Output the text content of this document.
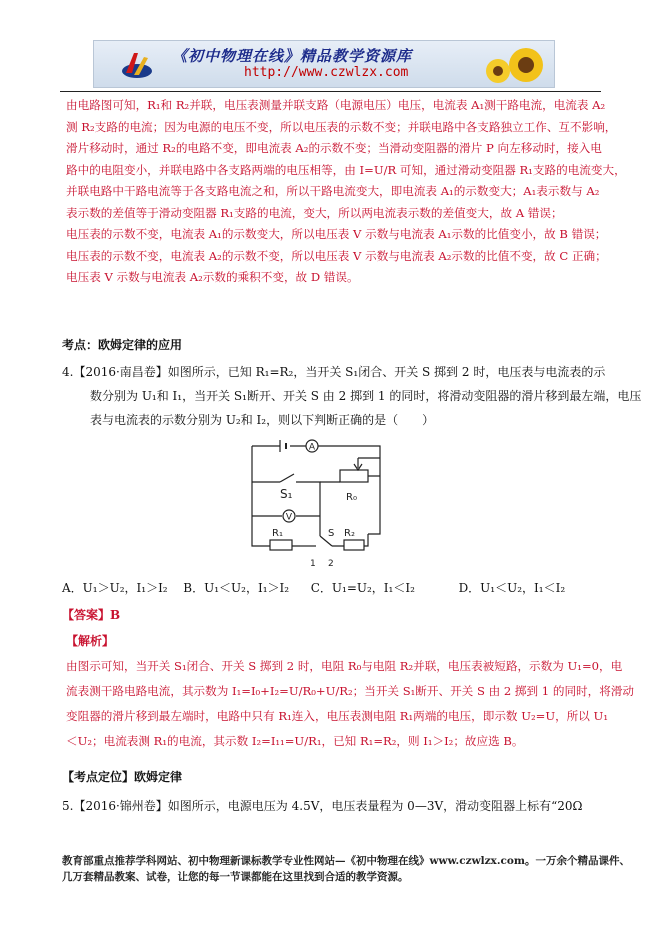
《初中物理在线》精品教学资源库
http://www.czwlzx.com
由电路图可知，R₁和 R₂并联，电压表测量并联支路（电源电压）电压，电流表 A₁测干路电流，电流表 A₂
测 R₂支路的电流；因为电源的电压不变，所以电压表的示数不变；并联电路中各支路独立工作、互不影响，
滑片移动时，通过 R₂的电路不变，即电流表 A₂的示数不变；当滑动变阻器的滑片 P 向左移动时，接入电
路中的电阻变小，并联电路中各支路两端的电压相等，由 I=U/R 可知，通过滑动变阻器 R₁支路的电流变大，
并联电路中干路电流等于各支路电流之和，所以干路电流变大，即电流表 A₁的示数变大；A₁表示数与 A₂
表示数的差值等于滑动变阻器 R₁支路的电流，变大，所以两电流表示数的差值变大，故 A 错误；
电压表的示数不变，电流表 A₁的示数变大，所以电压表 V 示数与电流表 A₁示数的比值变小，故 B 错误；
电压表的示数不变，电流表 A₂的示数不变，所以电压表 V 示数与电流表 A₂示数的比值不变，故 C 正确；
电压表 V 示数与电流表 A₂示数的乘积不变，故 D 错误。
考点：欧姆定律的应用
4.【2016·南昌卷】如图所示，已知 R₁=R₂，当开关 S₁闭合、开关 S 掷到 2 时，电压表与电流表的示
数分别为 U₁和 I₁，当开关 S₁断开、开关 S 由 2 掷到 1 的同时，将滑动变阻器的滑片移到最左端，电压
表与电流表的示数分别为 U₂和 I₂，则以下判断正确的是（　　）
A
S₁	R₀
V
R₁	S R₂
1 2
A．U₁＞U₂，I₁＞I₂ B．U₁＜U₂，I₁＞I₂ C．U₁=U₂，I₁＜I₂	D．U₁＜U₂，I₁＜I₂
【答案】B
【解析】
由图示可知，当开关 S₁闭合、开关 S 掷到 2 时，电阻 R₀与电阻 R₂并联，电压表被短路，示数为 U₁=0，电
流表测干路电路电流，其示数为 I₁=I₀+I₂=U/R₀+U/R₂；当开关 S₁断开、开关 S 由 2 掷到 1 的同时，将滑动
变阻器的滑片移到最左端时，电路中只有 R₁连入，电压表测电阻 R₁两端的电压，即示数 U₂=U，所以 U₁
＜U₂；电流表测 R₁的电流，其示数 I₂=I₁₁=U/R₁，已知 R₁=R₂，则 I₁＞I₂；故应选 B。
【考点定位】欧姆定律
5.【2016·锦州卷】如图所示，电源电压为 4.5V，电压表量程为 0—3V，滑动变阻器上标有“20Ω
教育部重点推荐学科网站、初中物理新课标教学专业性网站—《初中物理在线》www.czwlzx.com。一万余个精品课件、
几万套精品教案、试卷，让您的每一节课都能在这里找到合适的教学资源。
